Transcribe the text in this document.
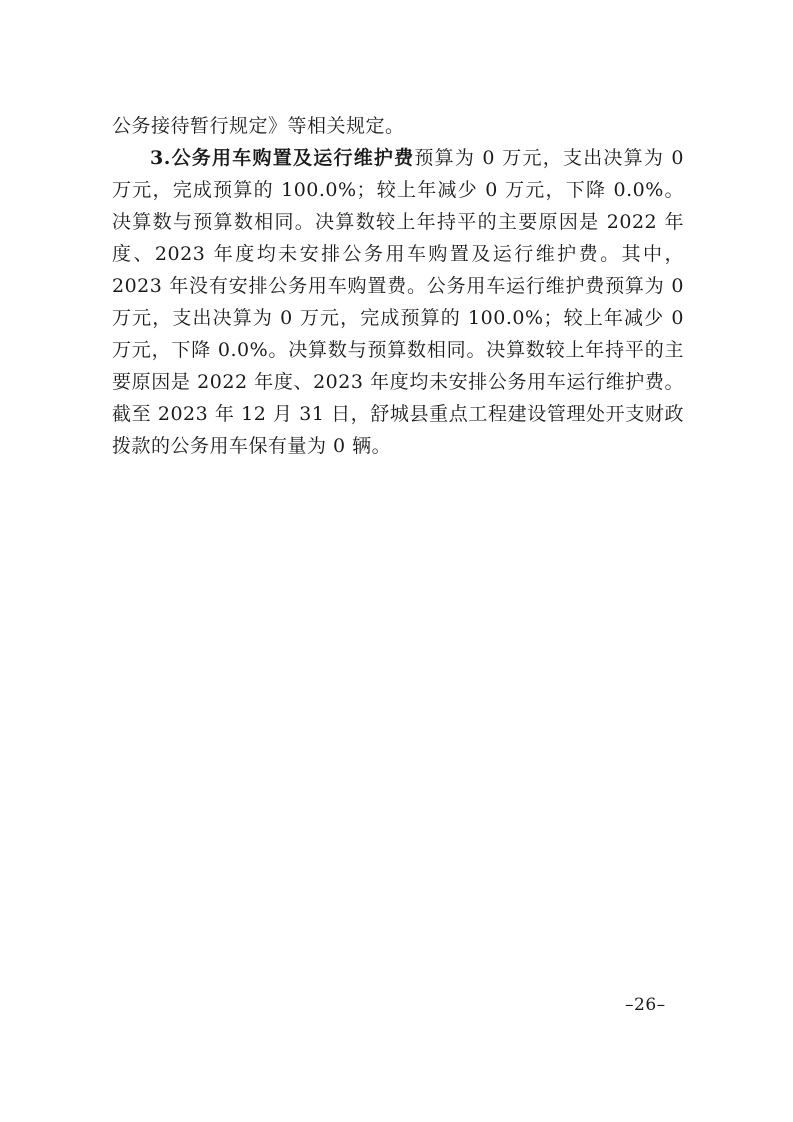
公务接待暂行规定》等相关规定。

3.公务用车购置及运行维护费预算为 0 万元，支出决算为 0 万元，完成预算的 100.0%；较上年减少 0 万元，下降 0.0%。决算数与预算数相同。决算数较上年持平的主要原因是 2022 年度、2023 年度均未安排公务用车购置及运行维护费。其中，2023 年没有安排公务用车购置费。公务用车运行维护费预算为 0 万元，支出决算为 0 万元，完成预算的 100.0%；较上年减少 0 万元，下降 0.0%。决算数与预算数相同。决算数较上年持平的主要原因是 2022 年度、2023 年度均未安排公务用车运行维护费。截至 2023 年 12 月 31 日，舒城县重点工程建设管理处开支财政拨款的公务用车保有量为 0 辆。

–26–
